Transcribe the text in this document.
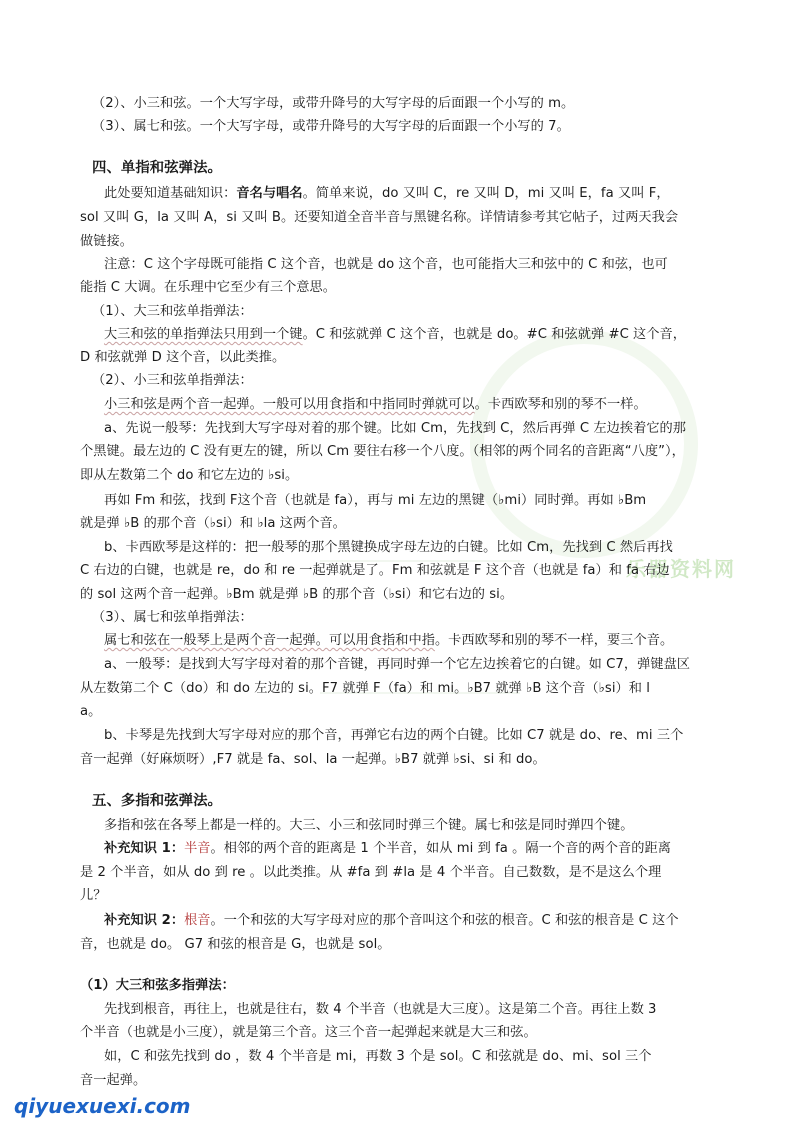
乐器资料网
（2）、小三和弦。一个大写字母，或带升降号的大写字母的后面跟一个小写的 m。
（3）、属七和弦。一个大写字母，或带升降号的大写字母的后面跟一个小写的 7。
四、单指和弦弹法。
此处要知道基础知识：音名与唱名。简单来说，do 又叫 C，re 又叫 D，mi 又叫 E，fa 又叫 F，
sol 又叫 G，la 又叫 A，si 又叫 B。还要知道全音半音与黑键名称。详情请参考其它帖子，过两天我会
做链接。
注意：C 这个字母既可能指 C 这个音，也就是 do 这个音，也可能指大三和弦中的 C 和弦，也可
能指 C 大调。在乐理中它至少有三个意思。
（1）、大三和弦单指弹法：
大三和弦的单指弹法只用到一个键。C 和弦就弹 C 这个音，也就是 do。#C 和弦就弹 #C 这个音，
D 和弦就弹 D 这个音，以此类推。
（2）、小三和弦单指弹法：
小三和弦是两个音一起弹。一般可以用食指和中指同时弹就可以。卡西欧琴和别的琴不一样。
a、先说一般琴：先找到大写字母对着的那个键。比如 Cm，先找到 C，然后再弹 C 左边挨着它的那
个黑键。最左边的 C 没有更左的键，所以 Cm 要往右移一个八度。（相邻的两个同名的音距离“八度”），
即从左数第二个 do 和它左边的 ♭si。
再如 Fm 和弦，找到 F这个音（也就是 fa），再与 mi 左边的黑键（♭mi）同时弹。再如 ♭Bm
就是弹 ♭B 的那个音（♭si）和 ♭la 这两个音。
b、卡西欧琴是这样的：把一般琴的那个黑键换成字母左边的白键。比如 Cm，先找到 C 然后再找
C 右边的白键，也就是 re，do 和 re 一起弹就是了。Fm 和弦就是 F 这个音（也就是 fa）和 fa 右边
的 sol 这两个音一起弹。♭Bm 就是弹 ♭B 的那个音（♭si）和它右边的 si。
（3）、属七和弦单指弹法：
属七和弦在一般琴上是两个音一起弹。可以用食指和中指。卡西欧琴和别的琴不一样，要三个音。
a、一般琴：是找到大写字母对着的那个音键，再同时弹一个它左边挨着它的白键。如 C7，弹键盘区
从左数第二个 C（do）和 do 左边的 si。F7 就弹 F（fa）和 mi。♭B7 就弹 ♭B 这个音（♭si）和 l
a。
b、卡琴是先找到大写字母对应的那个音，再弹它右边的两个白键。比如 C7 就是 do、re、mi 三个
音一起弹（好麻烦呀）,F7 就是 fa、sol、la 一起弹。♭B7 就弹 ♭si、si 和 do。
五、多指和弦弹法。
多指和弦在各琴上都是一样的。大三、小三和弦同时弹三个键。属七和弦是同时弹四个键。
补充知识 1：半音。相邻的两个音的距离是 1 个半音，如从 mi 到 fa 。隔一个音的两个音的距离
是 2 个半音，如从 do 到 re 。以此类推。从 #fa 到 #la 是 4 个半音。自己数数，是不是这么个理
儿？
补充知识 2：根音。一个和弦的大写字母对应的那个音叫这个和弦的根音。C 和弦的根音是 C 这个
音，也就是 do。 G7 和弦的根音是 G，也就是 sol。
（1）大三和弦多指弹法：
先找到根音，再往上，也就是往右，数 4 个半音（也就是大三度）。这是第二个音。再往上数 3
个半音（也就是小三度），就是第三个音。这三个音一起弹起来就是大三和弦。
如，C 和弦先找到 do ，数 4 个半音是 mi，再数 3 个是 sol。C 和弦就是 do、mi、sol 三个
音一起弹。
qiyuexuexi.com
